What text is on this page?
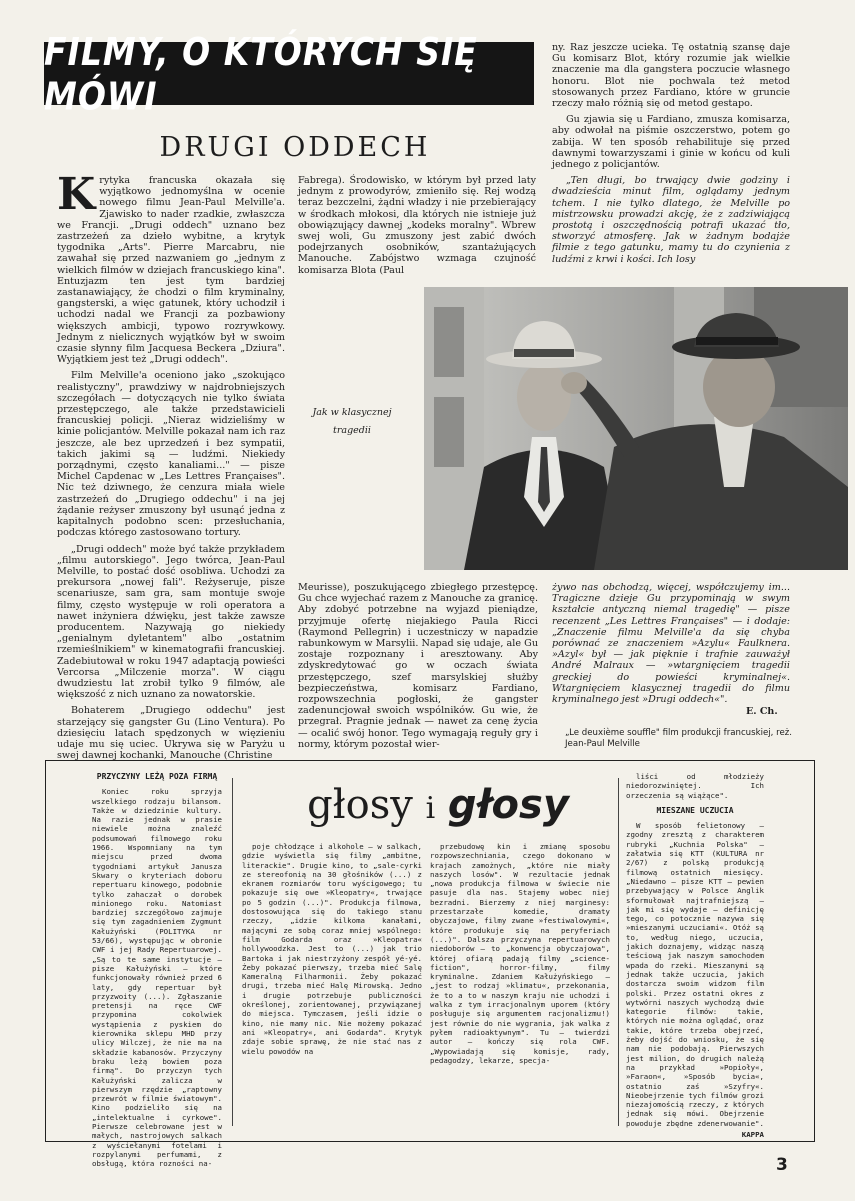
FILMY, O KTÓRYCH SIĘ MÓWI
DRUGI ODDECH

Krytyka francuska okazała się wyjątkowo jednomyślna w ocenie nowego filmu Jean-Paul Melville'a. Zjawisko to nader rzadkie, zwłaszcza we Francji. „Drugi oddech" uznano bez zastrzeżeń za dzieło wybitne, a krytyk tygodnika „Arts". Pierre Marcabru, nie zawahał się przed nazwaniem go „jednym z wielkich filmów w dziejach francuskiego kina". Entuzjazm ten jest tym bardziej zastanawiający, że chodzi o film kryminalny, gangsterski, a więc gatunek, który uchodził i uchodzi nadal we Francji za pozbawiony większych ambicji, typowo rozrywkowy. Jednym z nielicznych wyjątków był w swoim czasie słynny film Jacquesa Beckera „Dziura". Wyjątkiem jest też „Drugi oddech".

Film Melville'a oceniono jako „szokująco realistyczny", prawdziwy w najdrobniejszych szczegółach — dotyczących nie tylko świata przestępczego, ale także przedstawicieli francuskiej policji. „Nieraz widzieliśmy w kinie policjantów. Melville pokazał nam ich raz jeszcze, ale bez uprzedzeń i bez sympatii, takich jakimi są — ludźmi. Niekiedy porządnymi, często kanaliami..." — pisze Michel Capdenac w „Les Lettres Françaises". Nic też dziwnego, że cenzura miała wiele zastrzeżeń do „Drugiego oddechu" i na jej żądanie reżyser zmuszony był usunąć jedna z kapitalnych podobno scen: przesłuchania, podczas którego zastosowano tortury.

„Drugi oddech" może być także przykładem „filmu autorskiego". Jego twórca, Jean-Paul Melville, to postać dość osobliwa. Uchodzi za prekursora „nowej fali". Reżyseruje, pisze scenariusze, sam gra, sam montuje swoje filmy, często występuje w roli operatora a nawet inżyniera dźwięku, jest także zawsze producentem. Nazywają go niekiedy „genialnym dyletantem" albo „ostatnim rzemieślnikiem" w kinematografii francuskiej. Zadebiutował w roku 1947 adaptacją powieści Vercorsa „Milczenie morza". W ciągu dwudziestu lat zrobił tylko 9 filmów, ale większość z nich uznano za nowatorskie.

Bohaterem „Drugiego oddechu" jest starzejący się gangster Gu (Lino Ventura). Po dziesięciu latach spędzonych w więzieniu udaje mu się uciec. Ukrywa się w Paryżu u swej dawnej kochanki, Manouche (Christine

Fabrega). Środowisko, w którym był przed laty jednym z prowodyrów, zmieniło się. Rej wodzą teraz bezczelni, żądni władzy i nie przebierający w środkach młokosi, dla których nie istnieje już obowiązujący dawnej „kodeks moralny". Wbrew swej woli, Gu zmuszony jest zabić dwóch podejrzanych osobników, szantażujących Manouche. Zabójstwo wzmaga czujność komisarza Blota (Paul

ny. Raz jeszcze ucieka. Tę ostatnią szansę daje Gu komisarz Blot, który rozumie jak wielkie znaczenie ma dla gangstera poczucie własnego honoru. Blot nie pochwala też metod stosowanych przez Fardiano, które w gruncie rzeczy mało różnią się od metod gestapo.

Gu zjawia się u Fardiano, zmusza komisarza, aby odwołał na piśmie oszczerstwo, potem go zabija. W ten sposób rehabilituje się przed dawnymi towarzyszami i ginie w końcu od kuli jednego z policjantów.

„Ten długi, bo trwający dwie godziny i dwadzieścia minut film, oglądamy jednym tchem. I nie tylko dlatego, że Melville po mistrzowsku prowadzi akcję, że z zadziwiającą prostotą i oszczędnością potrafi ukazać tło, stworzyć atmosferę. Jak w żadnym bodajże filmie z tego gatunku, mamy tu do czynienia z ludźmi z krwi i kości. Ich losy

Jak w klasycznej tragedii

Meurisse), poszukującego zbiegłego przestępcę. Gu chce wyjechać razem z Manouche za granicę. Aby zdobyć potrzebne na wyjazd pieniądze, przyjmuje ofertę niejakiego Paula Ricci (Raymond Pellegrin) i uczestniczy w napadzie rabunkowym w Marsylii. Napad się udaje, ale Gu zostaje rozpoznany i aresztowany. Aby zdyskredytować go w oczach świata przestępczego, szef marsylskiej służby bezpieczeństwa, komisarz Fardiano, rozpowszechnia pogłoski, że gangster zadenuncjował swoich wspólników. Gu wie, że przegrał. Pragnie jednak — nawet za cenę życia — ocalić swój honor. Tego wymagają reguły gry i normy, którym pozostał wier-

żywo nas obchodzą, więcej, współczujemy im... Tragiczne dzieje Gu przypominają w swym kształcie antyczną niemal tragedię" — pisze recenzent „Les Lettres Françaises" — i dodaje: „Znaczenie filmu Melville'a da się chyba porównać ze znaczeniem »Azylu« Faulknera. »Azyl« był — jak pięknie i trafnie zauważył André Malraux — »wtargnięciem tragedii greckiej do powieści kryminalnej«. Wtargnięciem klasycznej tragedii do filmu kryminalnego jest »Drugi oddech«".

E. Ch.
„Le deuxième souffle" film produkcji francuskiej, reż. Jean-Paul Melville
głosy i głosy

PRZYCZYNY LEŻĄ POZA FIRMĄ

Koniec roku sprzyja wszelkiego rodzaju bilansom. Także w dziedzinie kultury. Na razie jednak w prasie niewiele można znaleźć podsumowań filmowego roku 1966. Wspomniany na tym miejscu przed dwoma tygodniami artykuł Janusza Skwary o kryteriach doboru repertuaru kinowego, podobnie tylko zahaczał o dorobek minionego roku. Natomiast bardziej szczegółowo zajmuje się tym zagadnieniem Zygmunt Kałużyński (POLITYKA nr 53/66), występując w obronie CWF i jej Rady Repertuarowej. „Są to te same instytucje — pisze Kałużyński — które funkcjonowały również przed 6 laty, gdy repertuar był przyzwoity (...). Zgłaszanie pretensji na ręce CWF przypomina cokolwiek wystąpienia z pyskiem do kierownika sklepu MHD przy ulicy Wilczej, że nie ma na składzie kabanosów. Przyczyny braku leżą bowiem poza firmą". Do przyczyn tych Kałużyński zalicza w pierwszym rzędzie „raptowny przewrót w filmie światowym". Kino podzieliło się na „intelektualne i cyrkowe". Pierwsze celebrowane jest w małych, nastrojowych salkach z wyściełanymi fotelami i rozpylanymi perfumami, z obsługą, która rozności na-

poje chłodzące i alkohole — w salkach, gdzie wyświetla się filmy „ambitne, literackie". Drugie kino, to „sale-cyrki ze stereofonią na 30 głośników (...) z ekranem rozmiarów toru wyścigowego; tu pokazuje się owe »Kleopatry«, trwające po 5 godzin (...)". Produkcja filmowa, dostosowująca się do takiego stanu rzeczy, „idzie kilkoma kanałami, mającymi ze sobą coraz mniej wspólnego: film Godarda oraz »Kleopatra« hollywoodzka. Jest to (...) jak trio Bartoka i jak niestrzyżony zespół yé-yé. Żeby pokazać pierwszy, trzeba mieć Salę Kameralną Filharmonii. Żeby pokazać drugi, trzeba mieć Halę Mirowską. Jedno i drugie potrzebuje publiczności określonej, zorientowanej, przywiązanej do miejsca. Tymczasem, jeśli idzie o kino, nie mamy nic. Nie możemy pokazać ani »Kleopatry«, ani Godarda". Krytyk zdaje sobie sprawę, że nie stać nas z wielu powodów na

przebudowę kin i zmianę sposobu rozpowszechniania, czego dokonano w krajach zamożnych, „które nie miały naszych losów". W rezultacie jednak „nowa produkcja filmowa w świecie nie pasuje dla nas. Stajemy wobec niej bezradni. Bierzemy z niej marginesy: przestarzałe komedie, dramaty obyczajowe, filmy zwane »festiwalowymi«, które produkuje się na peryferiach (...)". Dalsza przyczyna repertuarowych niedoborów — to „konwencja obyczajowa", której ofiarą padają filmy „science-fiction", horror-filmy, filmy kryminalne. Zdaniem Kałużyńskiego — „jest to rodzaj »klimatu«, przekonania, że to a to w naszym kraju nie uchodzi i walka z tym irracjonalnym uporem (który posługuje się argumentem racjonalizmu!) jest równie do nie wygrania, jak walka z pyłem radioaktywnym". Tu — twierdzi autor — kończy się rola CWF. „Wypowiadają się komisje, rady, pedagodzy, lekarze, specja-

liści od młodzieży niedorozwiniętej. Ich orzeczenia są wiążące".

MIESZANE UCZUCIA

W sposób felietonowy — zgodny zresztą z charakterem rubryki „Kuchnia Polska" — załatwia się KTT (KULTURA nr 2/67) z polską produkcją filmową ostatnich miesięcy. „Niedawno — pisze KTT — pewien przebywający w Polsce Anglik sformułował najtrafniejszą — jak mi się wydaje — definicję tego, co potocznie nazywa się »mieszanymi uczuciami«. Otóż są to, według niego, uczucia, jakich doznajemy, widząc naszą teściową jak naszym samochodem wpada do rzeki. Mieszanymi są jednak także uczucia, jakich dostarcza swoim widzom film polski. Przez ostatni okres z wytwórni naszych wychodzą dwie kategorie filmów: takie, których nie można oglądać, oraz takie, które trzeba obejrzeć, żeby dojść do wniosku, że się nam nie podobają. Pierwszych jest milion, do drugich należą na przykład »Popioły«, »Faraon«, »Sposób bycia«, ostatnio zaś »Szyfry«. Nieobejrzenie tych filmów grozi niezajomością rzeczy, z których jednak się mówi. Obejrzenie powoduje zbędne zdenerwowanie".

KAPPA

3
